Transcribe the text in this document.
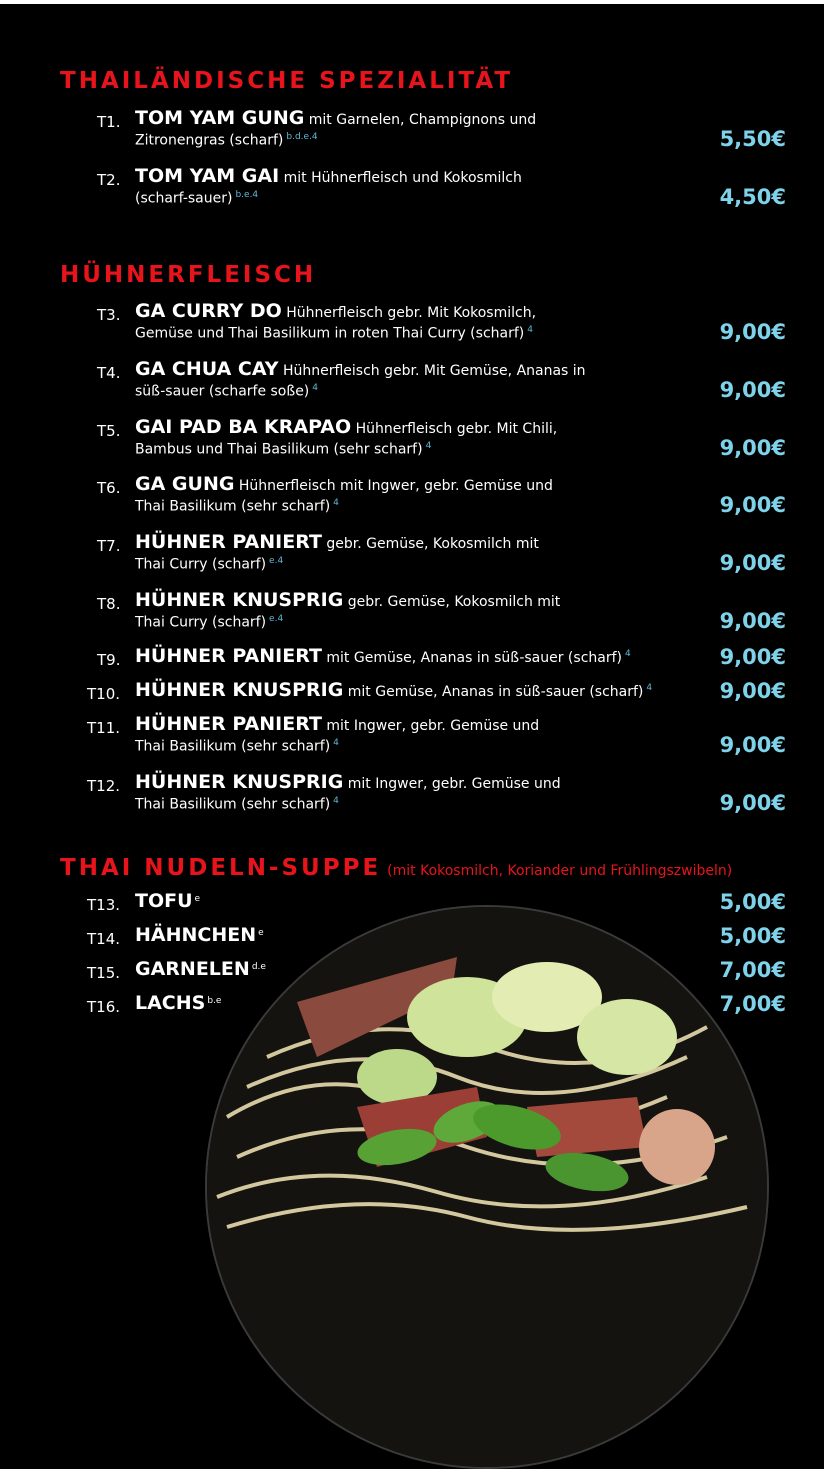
THAILÄNDISCHE SPEZIALITÄT
HÜHNERFLEISCH
THAI NUDELN-SUPPE (mit Kokosmilch, Koriander und Frühlingszwibeln)
T1. TOM YAM GUNG mit Garnelen, Champignons und
Zitronengras (scharf) $^{b.d.e.4}$	5,50€
T2. TOM YAM GAI mit Hühnerfleisch und Kokosmilch
(scharf-sauer) $^{b.e.4}$	4,50€
T3. GA CURRY DO Hühnerfleisch gebr. Mit Kokosmilch,
Gemüse und Thai Basilikum in roten Thai Curry (scharf) $^4$	9,00€
T4. GA CHUA CAY Hühnerfleisch gebr. Mit Gemüse, Ananas in
süß-sauer (scharfe soße) $^4$	9,00€
T5. GAI PAD BA KRAPAO Hühnerfleisch gebr. Mit Chili,
Bambus und Thai Basilikum (sehr scharf) $^4$	9,00€
T6. GA GUNG Hühnerfleisch mit Ingwer, gebr. Gemüse und
Thai Basilikum (sehr scharf) $^4$	9,00€
T7. HÜHNER PANIERT gebr. Gemüse, Kokosmilch mit
Thai Curry (scharf) $^{e.4}$	9,00€
T8. HÜHNER KNUSPRIG gebr. Gemüse, Kokosmilch mit
Thai Curry (scharf) $^{e.4}$	9,00€
T9. HÜHNER PANIERT mit Gemüse, Ananas in süß-sauer (scharf) $^4$	9,00€
T10. HÜHNER KNUSPRIG mit Gemüse, Ananas in süß-sauer (scharf) $^4$	9,00€
T11. HÜHNER PANIERT mit Ingwer, gebr. Gemüse und
Thai Basilikum (sehr scharf) $^4$	9,00€
T12. HÜHNER KNUSPRIG mit Ingwer, gebr. Gemüse und
Thai Basilikum (sehr scharf) $^4$	9,00€
T13. TOFU $^e$	5,00€
T14. HÄHNCHEN $^e$	5,00€
T15. GARNELEN $^{d.e}$	7,00€
T16. LACHS $^{b.e}$	7,00€
